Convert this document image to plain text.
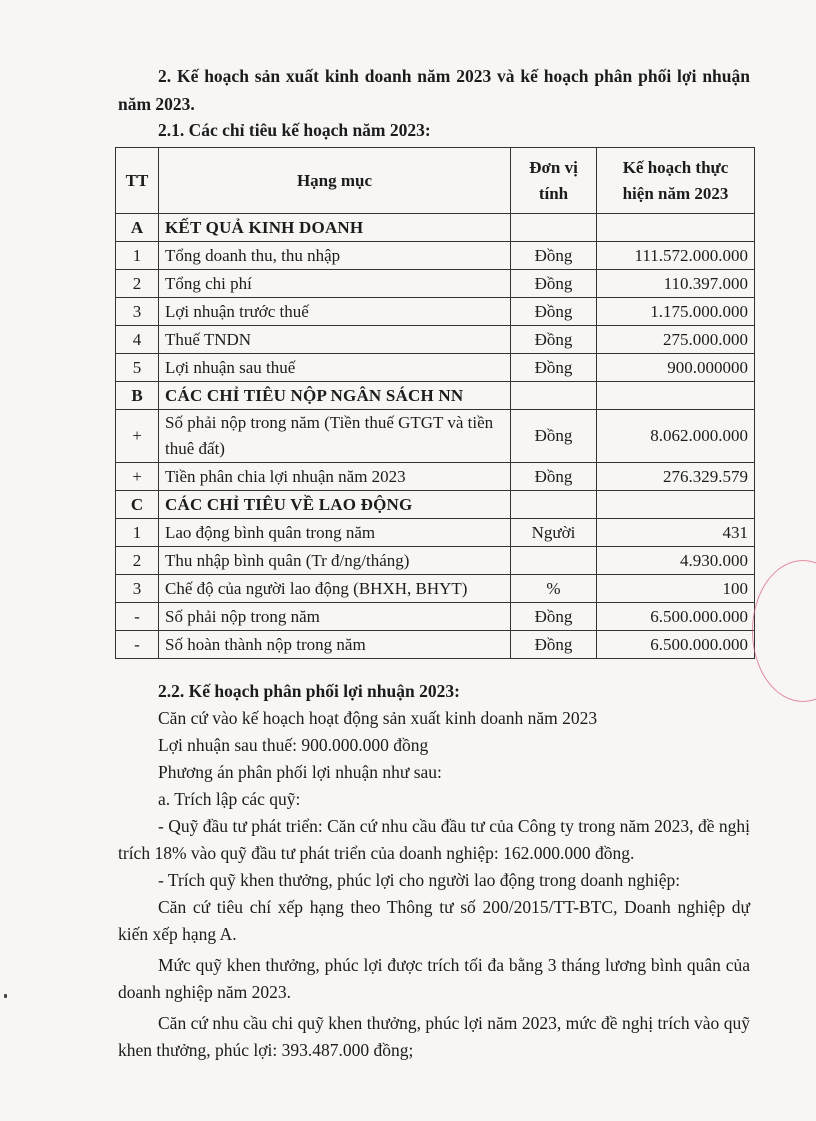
2. Kế hoạch sản xuất kinh doanh năm 2023 và kế hoạch phân phối lợi nhuận năm 2023.
2.1. Các chỉ tiêu kế hoạch năm 2023:
TT	Hạng mục	Đơn vị tính	Kế hoạch thực hiện năm 2023
A	KẾT QUẢ KINH DOANH		
1	Tổng doanh thu, thu nhập	Đồng	111.572.000.000
2	Tổng chi phí	Đồng	110.397.000
3	Lợi nhuận trước thuế	Đồng	1.175.000.000
4	Thuế TNDN	Đồng	275.000.000
5	Lợi nhuận sau thuế	Đồng	900.000000
B	CÁC CHỈ TIÊU NỘP NGÂN SÁCH NN		
+	Số phải nộp trong năm (Tiền thuế GTGT và tiền thuê đất)	Đồng	8.062.000.000
+	Tiền phân chia lợi nhuận năm 2023	Đồng	276.329.579
C	CÁC CHỈ TIÊU VỀ LAO ĐỘNG		
1	Lao động bình quân trong năm	Người	431
2	Thu nhập bình quân (Tr đ/ng/tháng)		4.930.000
3	Chế độ của người lao động (BHXH, BHYT)	%	100
-	Số phải nộp trong năm	Đồng	6.500.000.000
-	Số hoàn thành nộp trong năm	Đồng	6.500.000.000

2.2. Kế hoạch phân phối lợi nhuận 2023:

Căn cứ vào kế hoạch hoạt động sản xuất kinh doanh năm 2023

Lợi nhuận sau thuế: 900.000.000 đồng

Phương án phân phối lợi nhuận như sau:

a. Trích lập các quỹ:

- Quỹ đầu tư phát triển: Căn cứ nhu cầu đầu tư của Công ty trong năm 2023, đề nghị trích 18% vào quỹ đầu tư phát triển của doanh nghiệp: 162.000.000 đồng.

- Trích quỹ khen thưởng, phúc lợi cho người lao động trong doanh nghiệp:

Căn cứ tiêu chí xếp hạng theo Thông tư số 200/2015/TT-BTC, Doanh nghiệp dự kiến xếp hạng A.

Mức quỹ khen thưởng, phúc lợi được trích tối đa bằng 3 tháng lương bình quân của doanh nghiệp năm 2023.

Căn cứ nhu cầu chi quỹ khen thưởng, phúc lợi năm 2023, mức đề nghị trích vào quỹ khen thưởng, phúc lợi: 393.487.000 đồng;
